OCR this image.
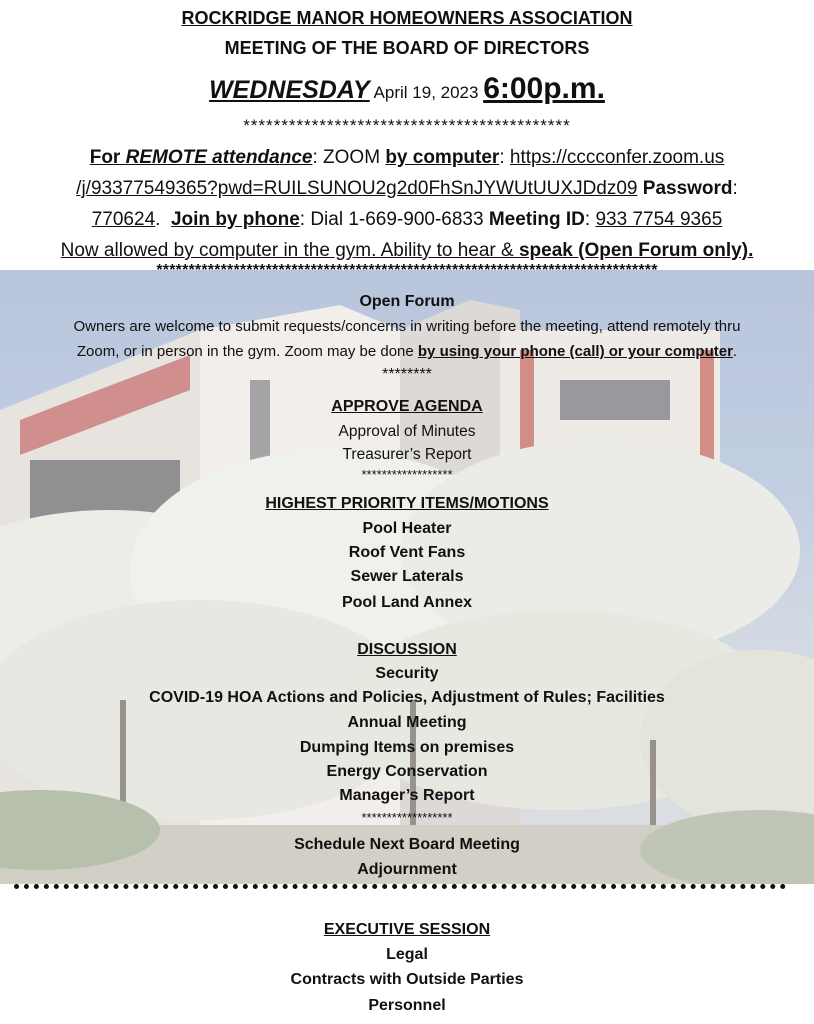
ROCKRIDGE MANOR HOMEOWNERS ASSOCIATION
MEETING OF THE BOARD OF DIRECTORS
WEDNESDAY April 19, 2023 6:00p.m.
*******************************************
For REMOTE attendance: ZOOM by computer: https://cccconfer.zoom.us
/j/93377549365?pwd=RUILSUNOU2g2d0FhSnJYWUtUUXJDdz09 Password:
770624.  Join by phone: Dial 1-669-900-6833 Meeting ID: 933 7754 9365
Now allowed by computer in the gym. Ability to hear & speak (Open Forum only).
******************************************************************************
Open Forum
Owners are welcome to submit requests/concerns in writing before the meeting, attend remotely thru
Zoom, or in person in the gym. Zoom may be done by using your phone (call) or your computer.
********
APPROVE AGENDA
Approval of Minutes
Treasurer’s Report
******************
HIGHEST PRIORITY ITEMS/MOTIONS
Pool Heater
Roof Vent Fans
Sewer Laterals
Pool Land Annex
DISCUSSION
Security
COVID-19 HOA Actions and Policies, Adjustment of Rules; Facilities
Annual Meeting
Dumping Items on premises
Energy Conservation
Manager’s Report
******************
Schedule Next Board Meeting
Adjournment
EXECUTIVE SESSION
Legal
Contracts with Outside Parties
Personnel
